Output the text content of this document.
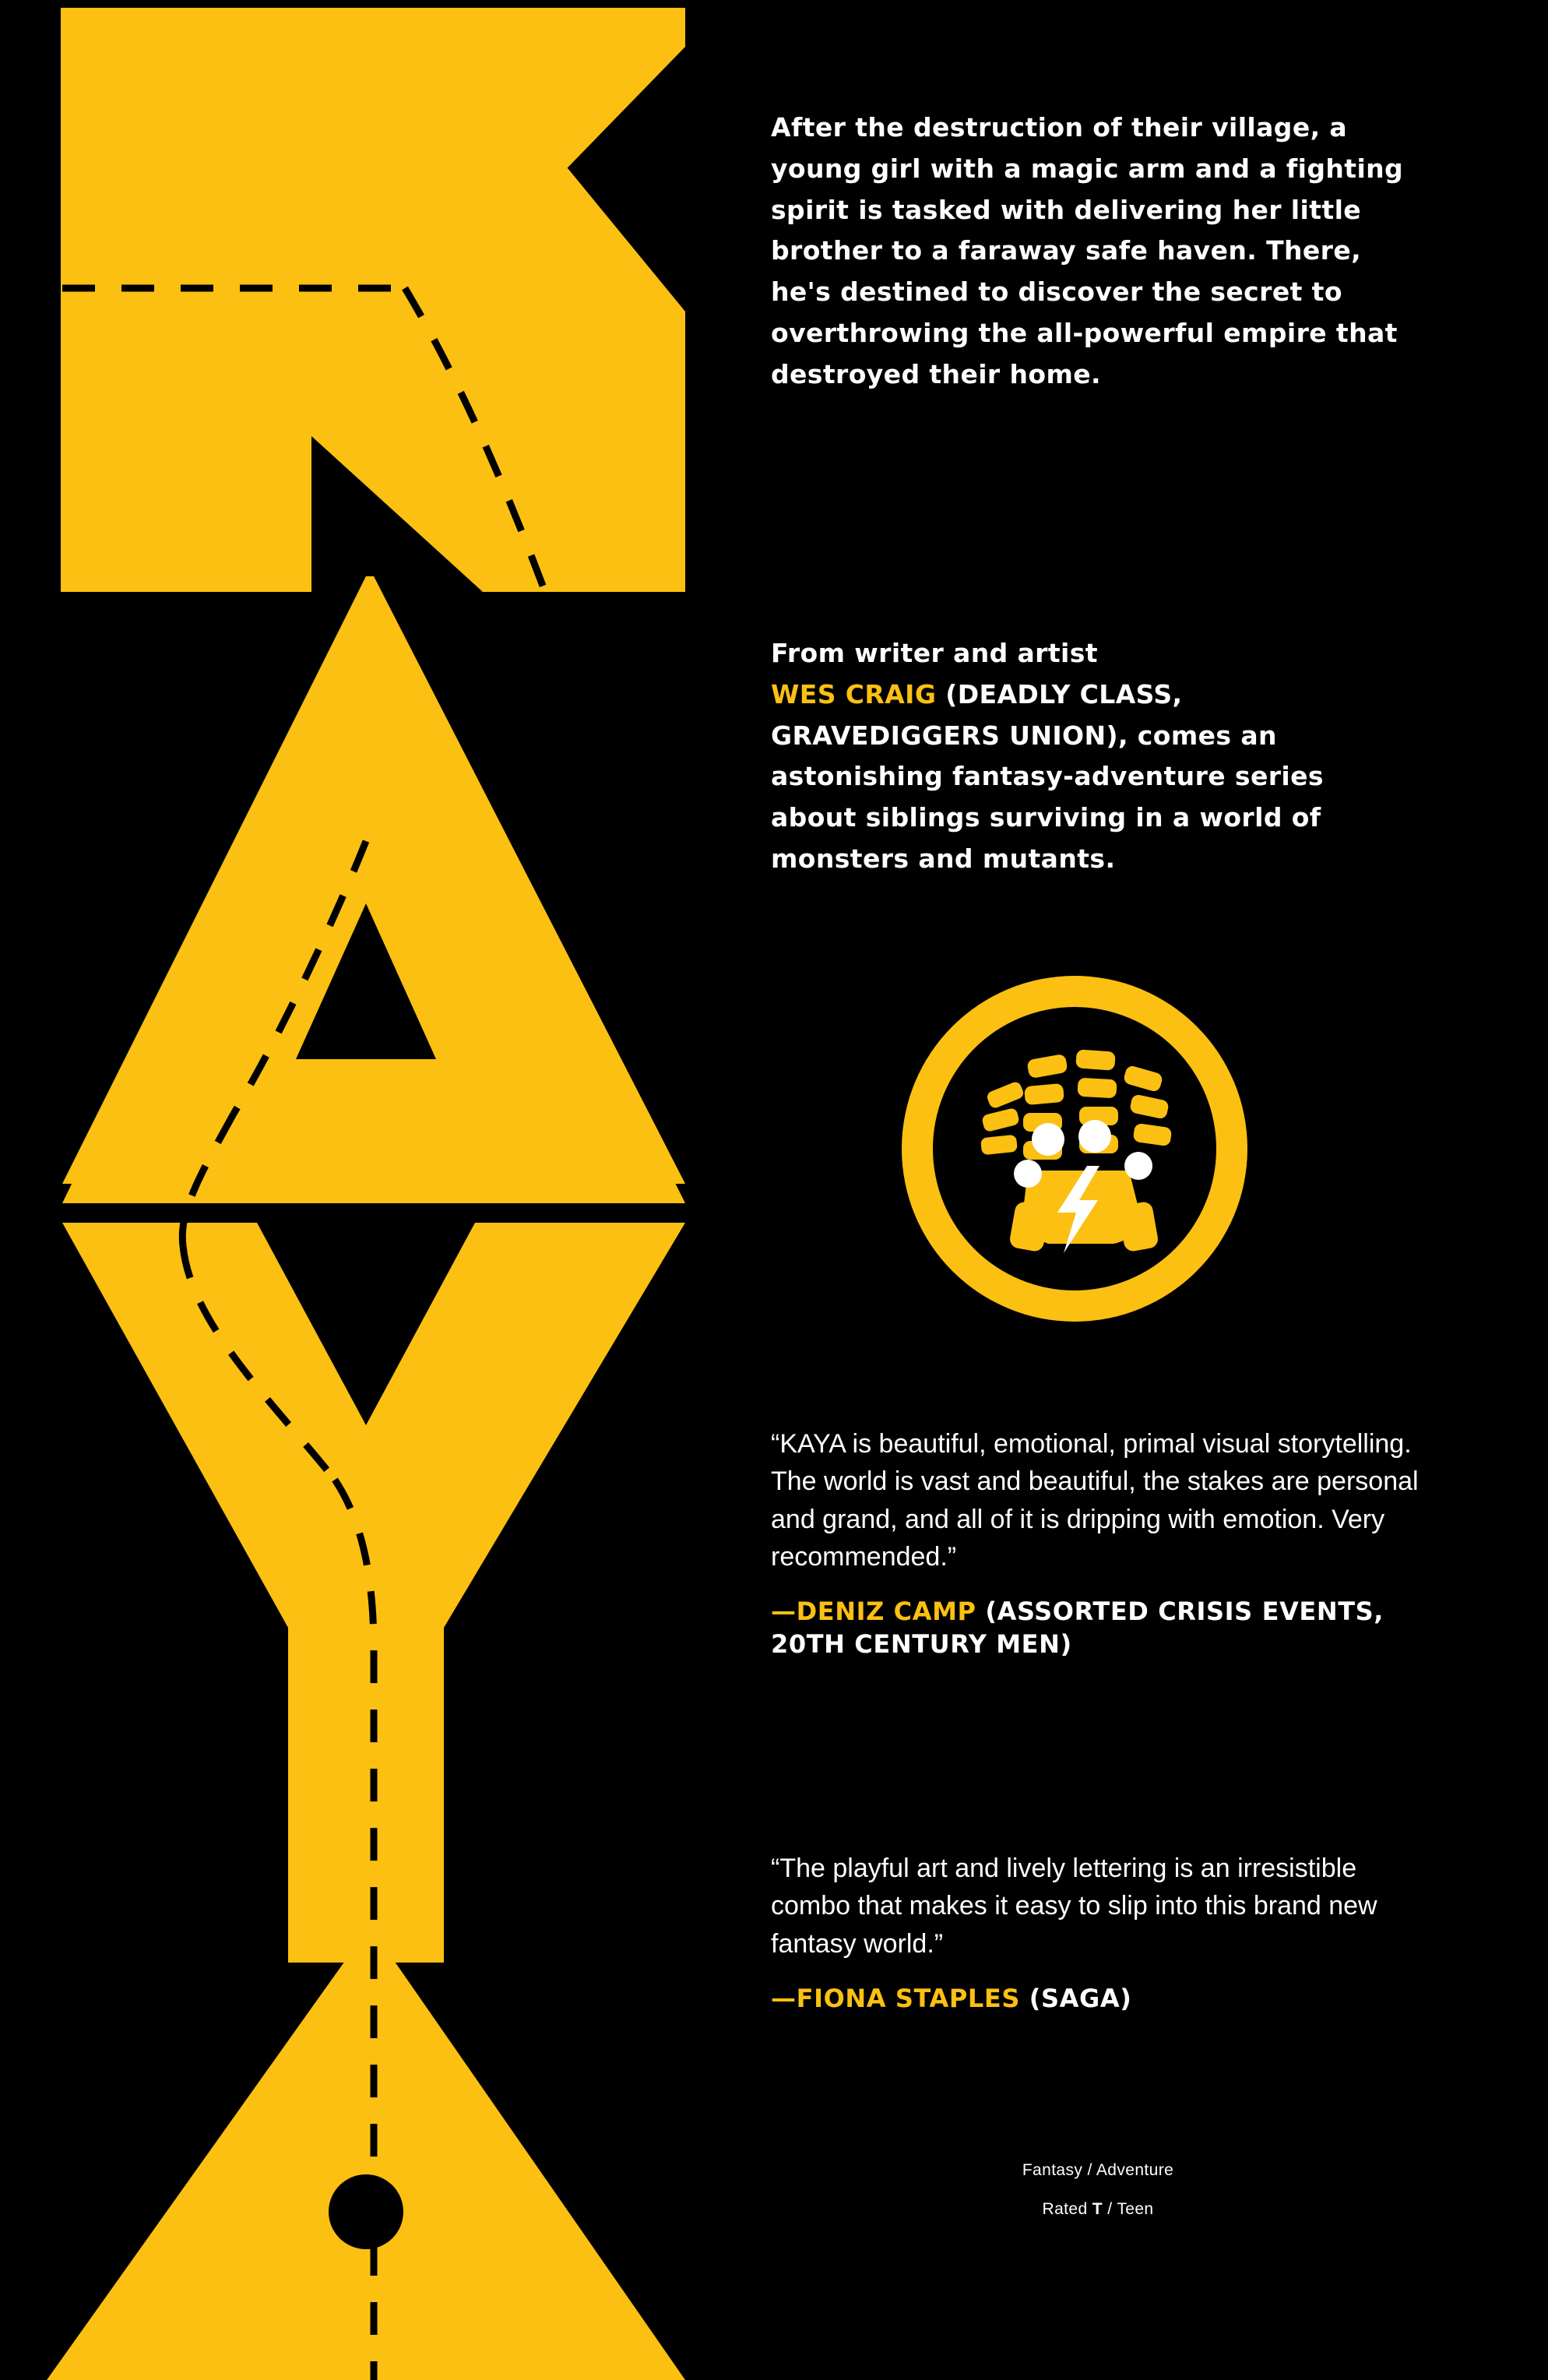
After the destruction of their village, a young girl with a magic arm and a fighting spirit is tasked with delivering her little brother to a faraway safe haven. There, he's destined to discover the secret to overthrowing the all-powerful empire that destroyed their home.

From writer and artist
WES CRAIG (DEADLY CLASS, GRAVEDIGGERS UNION), comes an astonishing fantasy-adventure series about siblings surviving in a world of monsters and mutants.

“KAYA is beautiful, emotional, primal visual storytelling. The world is vast and beautiful, the stakes are personal and grand, and all of it is dripping with emotion. Very recommended.”
—DENIZ CAMP (ASSORTED CRISIS EVENTS, 20TH CENTURY MEN)
“The playful art and lively lettering is an irresistible combo that makes it easy to slip into this brand new fantasy world.”
—FIONA STAPLES (SAGA)
Fantasy / Adventure
Rated T / Teen
